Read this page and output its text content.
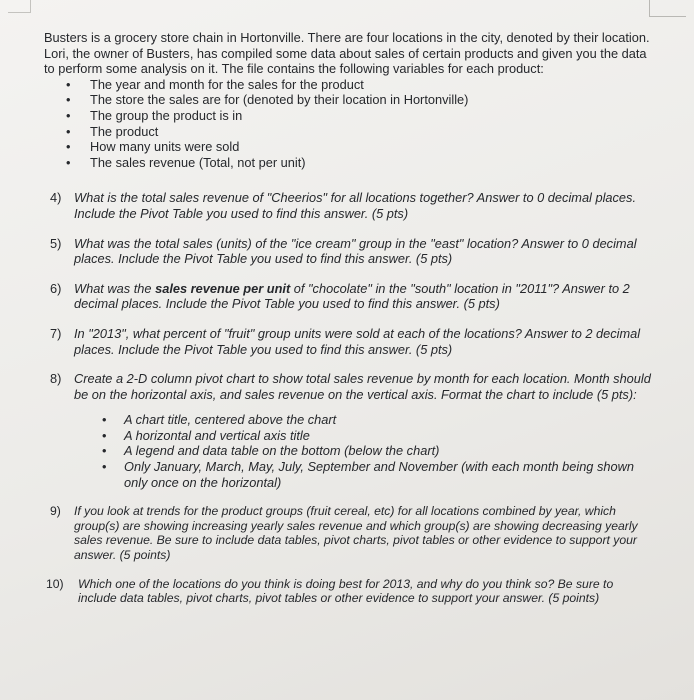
Busters is a grocery store chain in Hortonville. There are four locations in the city, denoted by their location. Lori, the owner of Busters, has compiled some data about sales of certain products and given you the data to perform some analysis on it. The file contains the following variables for each product:

• The year and month for the sales for the product
• The store the sales are for (denoted by their location in Hortonville)
• The group the product is in
• The product
• How many units were sold
• The sales revenue (Total, not per unit)
4) What is the total sales revenue of "Cheerios" for all locations together? Answer to 0 decimal places. Include the Pivot Table you used to find this answer. (5 pts)

5) What was the total sales (units) of the "ice cream" group in the "east" location? Answer to 0 decimal places. Include the Pivot Table you used to find this answer. (5 pts)

6) What was the sales revenue per unit of "chocolate" in the "south" location in "2011"? Answer to 2 decimal places. Include the Pivot Table you used to find this answer. (5 pts)

7) In "2013", what percent of "fruit" group units were sold at each of the locations? Answer to 2 decimal places. Include the Pivot Table you used to find this answer. (5 pts)

8) Create a 2-D column pivot chart to show total sales revenue by month for each location. Month should be on the horizontal axis, and sales revenue on the vertical axis. Format the chart to include (5 pts):

• A chart title, centered above the chart
• A horizontal and vertical axis title
• A legend and data table on the bottom (below the chart)
• Only January, March, May, July, September and November (with each month being shown only once on the horizontal)
9) If you look at trends for the product groups (fruit cereal, etc) for all locations combined by year, which group(s) are showing increasing yearly sales revenue and which group(s) are showing decreasing yearly sales revenue. Be sure to include data tables, pivot charts, pivot tables or other evidence to support your answer. (5 points)

10) Which one of the locations do you think is doing best for 2013, and why do you think so? Be sure to include data tables, pivot charts, pivot tables or other evidence to support your answer. (5 points)
